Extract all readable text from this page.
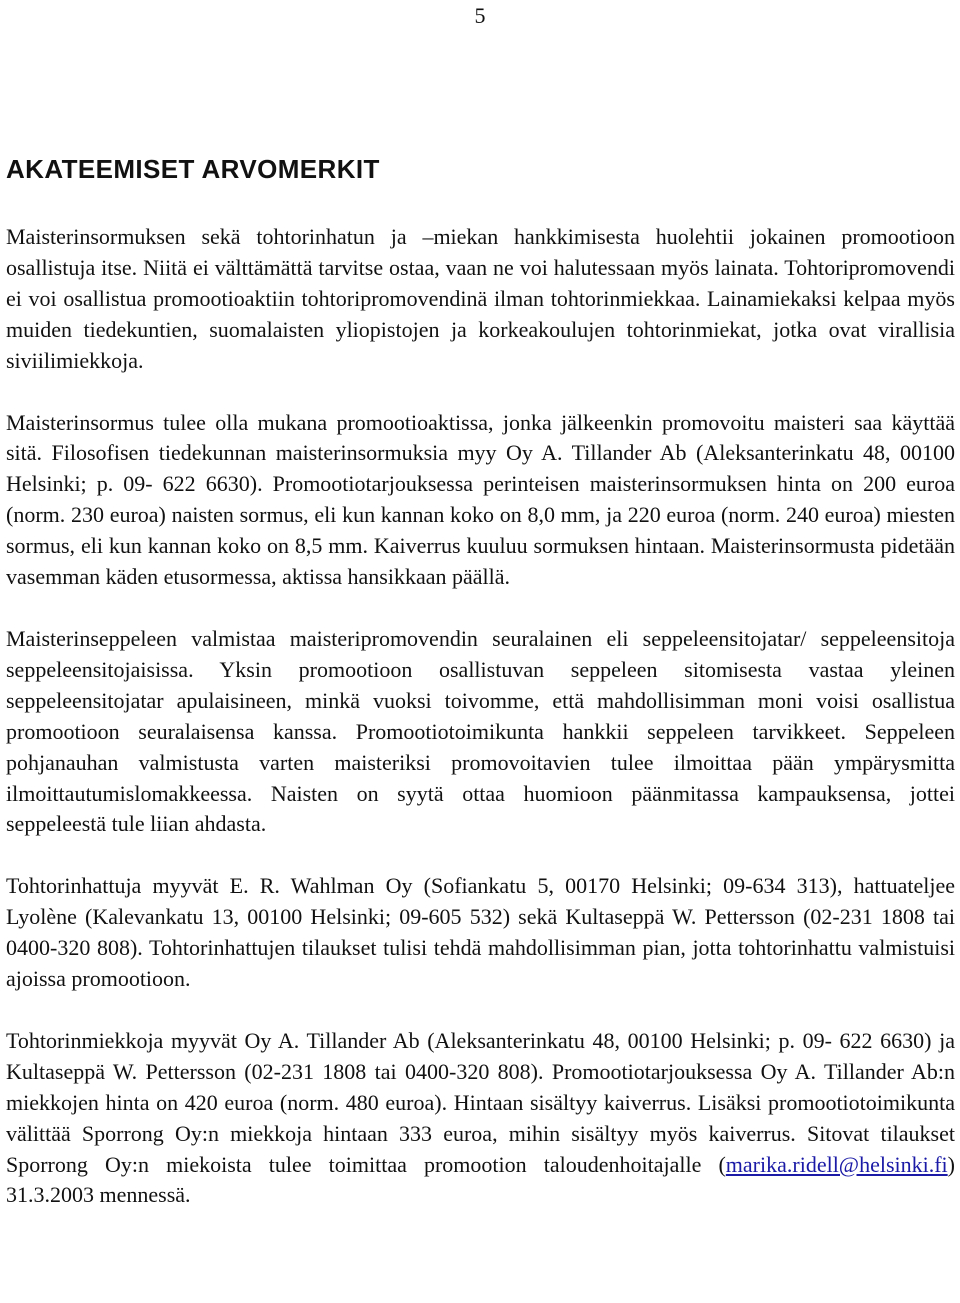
5
AKATEEMISET ARVOMERKIT

Maisterinsormuksen sekä tohtorinhatun ja –miekan hankkimisesta huolehtii jokainen promootioon osallistuja itse. Niitä ei välttämättä tarvitse ostaa, vaan ne voi halutessaan myös lainata. Tohtoripromovendi ei voi osallistua promootioaktiin tohtoripromovendinä ilman tohtorinmiekkaa. Lainamiekaksi kelpaa myös muiden tiedekuntien, suomalaisten yliopistojen ja korkeakoulujen tohtorinmiekat, jotka ovat virallisia siviilimiekkoja.

Maisterinsormus tulee olla mukana promootioaktissa, jonka jälkeenkin promovoitu maisteri saa käyttää sitä. Filosofisen tiedekunnan maisterinsormuksia myy Oy A. Tillander Ab (Aleksanterinkatu 48, 00100 Helsinki; p. 09- 622 6630). Promootiotarjouksessa perinteisen maisterinsormuksen hinta on 200 euroa (norm. 230 euroa) naisten sormus, eli kun kannan koko on 8,0 mm, ja 220 euroa (norm. 240 euroa) miesten sormus, eli kun kannan koko on 8,5 mm. Kaiverrus kuuluu sormuksen hintaan. Maisterinsormusta pidetään vasemman käden etusormessa, aktissa hansikkaan päällä.

Maisterinseppeleen valmistaa maisteripromovendin seuralainen eli seppeleensitojatar/ seppeleensitoja seppeleensitojaisissa. Yksin promootioon osallistuvan seppeleen sitomisesta vastaa yleinen seppeleensitojatar apulaisineen, minkä vuoksi toivomme, että mahdollisimman moni voisi osallistua promootioon seuralaisensa kanssa. Promootiotoimikunta hankkii seppeleen tarvikkeet. Seppeleen pohjanauhan valmistusta varten maisteriksi promovoitavien tulee ilmoittaa pään ympärysmitta ilmoittautumislomakkeessa. Naisten on syytä ottaa huomioon päänmitassa kampauksensa, jottei seppeleestä tule liian ahdasta.

Tohtorinhattuja myyvät E. R. Wahlman Oy (Sofiankatu 5, 00170 Helsinki; 09-634 313), hattuateljee Lyolène (Kalevankatu 13, 00100 Helsinki; 09-605 532) sekä Kultaseppä W. Pettersson (02-231 1808 tai 0400-320 808). Tohtorinhattujen tilaukset tulisi tehdä mahdollisimman pian, jotta tohtorinhattu valmistuisi ajoissa promootioon.

Tohtorinmiekkoja myyvät Oy A. Tillander Ab (Aleksanterinkatu 48, 00100 Helsinki; p. 09- 622 6630) ja Kultaseppä W. Pettersson (02-231 1808 tai 0400-320 808). Promootiotarjouksessa Oy A. Tillander Ab:n miekkojen hinta on 420 euroa (norm. 480 euroa). Hintaan sisältyy kaiverrus. Lisäksi promootiotoimikunta välittää Sporrong Oy:n miekkoja hintaan 333 euroa, mihin sisältyy myös kaiverrus. Sitovat tilaukset Sporrong Oy:n miekoista tulee toimittaa promootion taloudenhoitajalle (marika.ridell@helsinki.fi) 31.3.2003 mennessä.
